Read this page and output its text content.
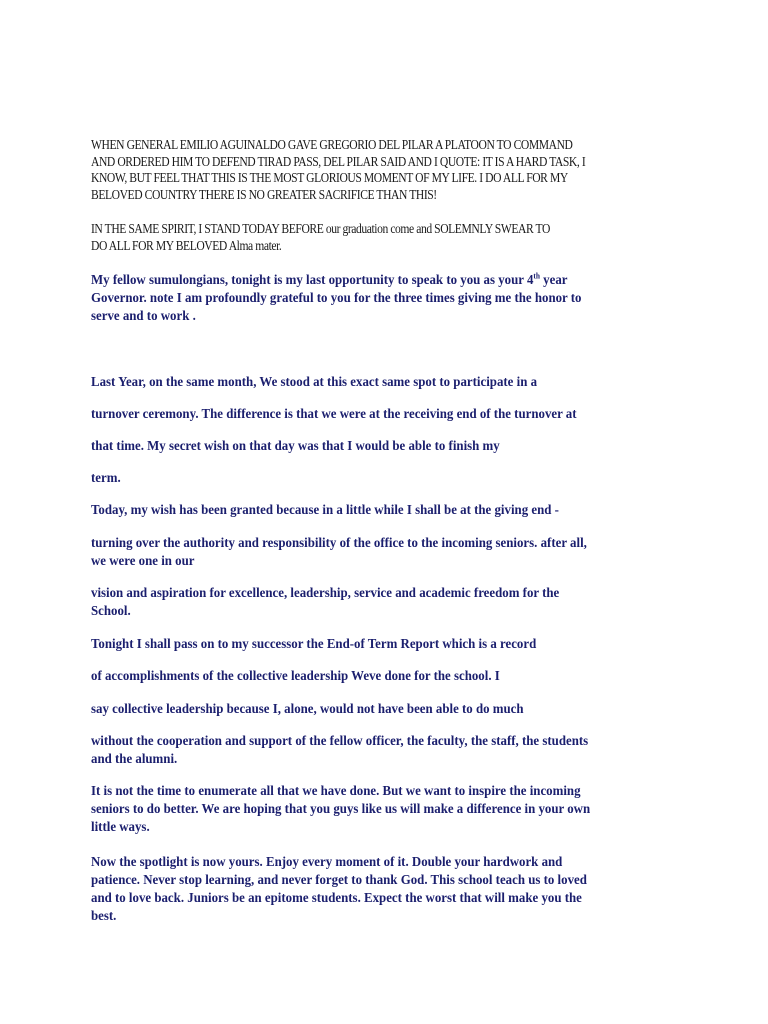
WHEN GENERAL EMILIO AGUINALDO GAVE GREGORIO DEL PILAR A PLATOON TO COMMAND
AND ORDERED HIM TO DEFEND TIRAD PASS, DEL PILAR SAID AND I QUOTE: IT IS A HARD TASK, I
KNOW, BUT FEEL THAT THIS IS THE MOST GLORIOUS MOMENT OF MY LIFE. I DO ALL FOR MY
BELOVED COUNTRY THERE IS NO GREATER SACRIFICE THAN THIS!

IN THE SAME SPIRIT, I STAND TODAY BEFORE our graduation come and SOLEMNLY SWEAR TO
DO ALL FOR MY BELOVED Alma mater.

My fellow sumulongians, tonight is my last opportunity to speak to you as your 4th year
Governor. note I am profoundly grateful to you for the three times giving me the honor to
serve and to work .

Last Year, on the same month, We stood at this exact same spot to participate in a

turnover ceremony. The difference is that we were at the receiving end of the turnover at

that time. My secret wish on that day was that I would be able to finish my

term.

Today, my wish has been granted because in a little while I shall be at the giving end -

turning over the authority and responsibility of the office to the incoming seniors. after all,
we were one in our

vision and aspiration for excellence, leadership, service and academic freedom for the
School.

Tonight I shall pass on to my successor the End-of Term Report which is a record

of accomplishments of the collective leadership Weve done for the school. I

say collective leadership because I, alone, would not have been able to do much

without the cooperation and support of the fellow officer, the faculty, the staff, the students
and the alumni.

It is not the time to enumerate all that we have done. But we want to inspire the incoming
seniors to do better. We are hoping that you guys like us will make a difference in your own
little ways.

Now the spotlight is now yours. Enjoy every moment of it. Double your hardwork and
patience. Never stop learning, and never forget to thank God. This school teach us to loved
and to love back. Juniors be an epitome students. Expect the worst that will make you the
best.
